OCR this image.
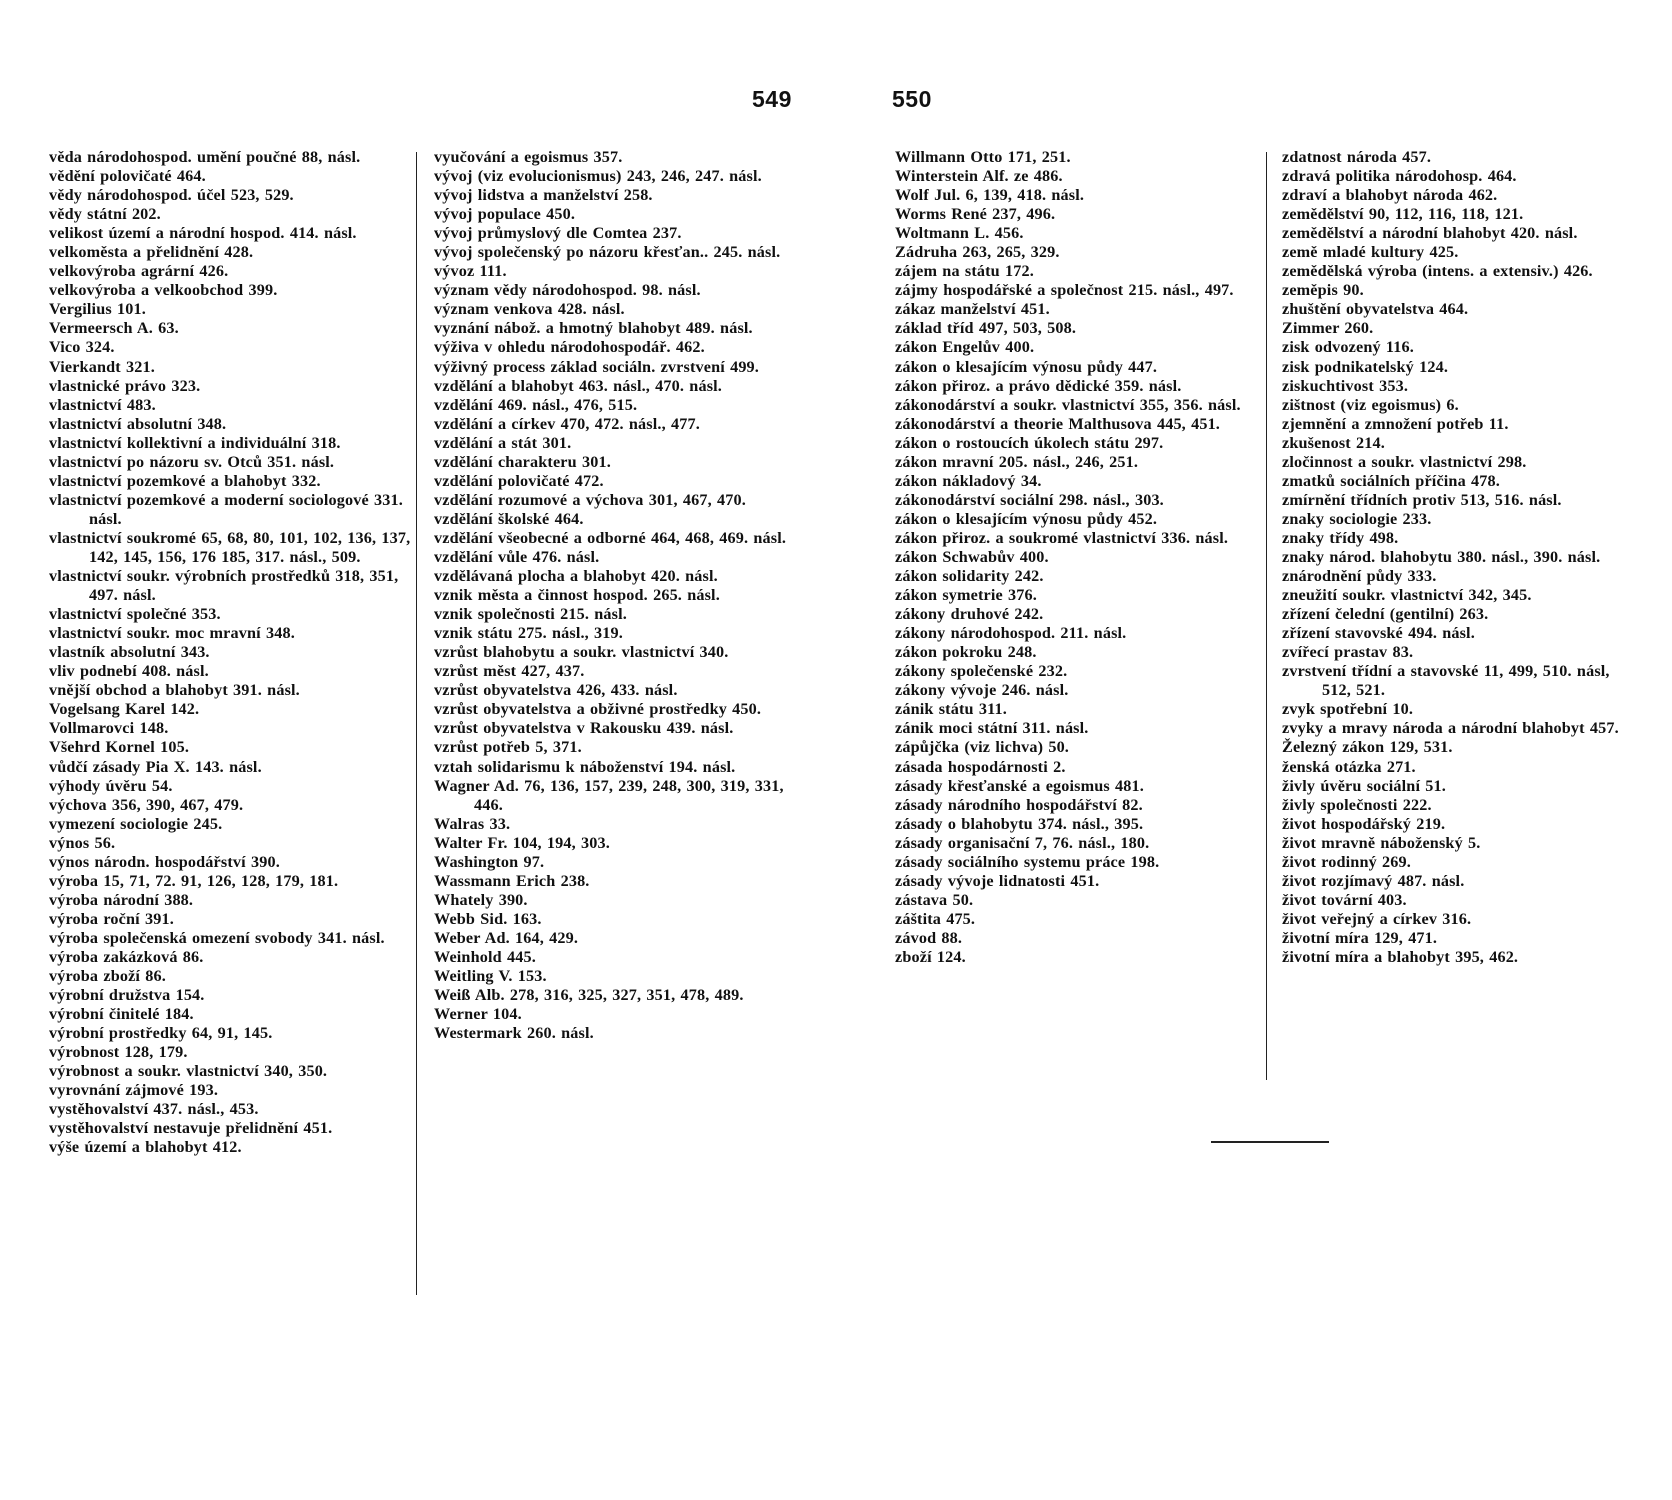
549	550
věda národohospod. umění poučné 88, násl.
vědění polovičaté 464.
vědy národohospod. účel 523, 529.
vědy státní 202.
velikost území a národní hospod. 414. násl.
velkoměsta a přelidnění 428.
velkovýroba agrární 426.
velkovýroba a velkoobchod 399.
Vergilius 101.
Vermeersch A. 63.
Vico 324.
Vierkandt 321.
vlastnické právo 323.
vlastnictví 483.
vlastnictví absolutní 348.
vlastnictví kollektivní a individuální 318.
vlastnictví po názoru sv. Otců 351. násl.
vlastnictví pozemkové a blahobyt 332.
vlastnictví pozemkové a moderní sociologové 331. násl.
vlastnictví soukromé 65, 68, 80, 101, 102, 136, 137, 142, 145, 156, 176 185, 317. násl., 509.
vlastnictví soukr. výrobních prostředků 318, 351, 497. násl.
vlastnictví společné 353.
vlastnictví soukr. moc mravní 348.
vlastník absolutní 343.
vliv podnebí 408. násl.
vnější obchod a blahobyt 391. násl.
Vogelsang Karel 142.
Vollmarovci 148.
Všehrd Kornel 105.
vůdčí zásady Pia X. 143. násl.
výhody úvěru 54.
výchova 356, 390, 467, 479.
vymezení sociologie 245.
výnos 56.
výnos národn. hospodářství 390.
výroba 15, 71, 72. 91, 126, 128, 179, 181.
výroba národní 388.
výroba roční 391.
výroba společenská omezení svobody 341. násl.
výroba zakázková 86.
výroba zboží 86.
výrobní družstva 154.
výrobní činitelé 184.
výrobní prostředky 64, 91, 145.
výrobnost 128, 179.
výrobnost a soukr. vlastnictví 340, 350.
vyrovnání zájmové 193.
vystěhovalství 437. násl., 453.
vystěhovalství nestavuje přelidnění 451.
výše území a blahobyt 412.
vyučování a egoismus 357.
vývoj (viz evolucionismus) 243, 246, 247. násl.
vývoj lidstva a manželství 258.
vývoj populace 450.
vývoj průmyslový dle Comtea 237.
vývoj společenský po názoru křesťan.. 245. násl.
vývoz 111.
význam vědy národohospod. 98. násl.
význam venkova 428. násl.
vyznání nábož. a hmotný blahobyt 489. násl.
výživa v ohledu národohospodář. 462.
výživný process základ sociáln. zvrstvení 499.
vzdělání a blahobyt 463. násl., 470. násl.
vzdělání 469. násl., 476, 515.
vzdělání a církev 470, 472. násl., 477.
vzdělání a stát 301.
vzdělání charakteru 301.
vzdělání polovičaté 472.
vzdělání rozumové a výchova 301, 467, 470.
vzdělání školské 464.
vzdělání všeobecné a odborné 464, 468, 469. násl.
vzdělání vůle 476. násl.
vzdělávaná plocha a blahobyt 420. násl.
vznik města a činnost hospod. 265. násl.
vznik společnosti 215. násl.
vznik státu 275. násl., 319.
vzrůst blahobytu a soukr. vlastnictví 340.
vzrůst měst 427, 437.
vzrůst obyvatelstva 426, 433. násl.
vzrůst obyvatelstva a obživné prostředky 450.
vzrůst obyvatelstva v Rakousku 439. násl.
vzrůst potřeb 5, 371.
vztah solidarismu k náboženství 194. násl.
Wagner Ad. 76, 136, 157, 239, 248, 300, 319, 331, 446.
Walras 33.
Walter Fr. 104, 194, 303.
Washington 97.
Wassmann Erich 238.
Whately 390.
Webb Sid. 163.
Weber Ad. 164, 429.
Weinhold 445.
Weitling V. 153.
Weiß Alb. 278, 316, 325, 327, 351, 478, 489.
Werner 104.
Westermark 260. násl.
Willmann Otto 171, 251.
Winterstein Alf. ze 486.
Wolf Jul. 6, 139, 418. násl.
Worms René 237, 496.
Woltmann L. 456.
Zádruha 263, 265, 329.
zájem na státu 172.
zájmy hospodářské a společnost 215. násl., 497.
zákaz manželství 451.
základ tříd 497, 503, 508.
zákon Engelův 400.
zákon o klesajícím výnosu půdy 447.
zákon přiroz. a právo dědické 359. násl.
zákonodárství a soukr. vlastnictví 355, 356. násl.
zákonodárství a theorie Malthusova 445, 451.
zákon o rostoucích úkolech státu 297.
zákon mravní 205. násl., 246, 251.
zákon nákladový 34.
zákonodárství sociální 298. násl., 303.
zákon o klesajícím výnosu půdy 452.
zákon přiroz. a soukromé vlastnictví 336. násl.
zákon Schwabův 400.
zákon solidarity 242.
zákon symetrie 376.
zákony druhové 242.
zákony národohospod. 211. násl.
zákon pokroku 248.
zákony společenské 232.
zákony vývoje 246. násl.
zánik státu 311.
zánik moci státní 311. násl.
zápůjčka (viz lichva) 50.
zásada hospodárnosti 2.
zásady křesťanské a egoismus 481.
zásady národního hospodářství 82.
zásady o blahobytu 374. násl., 395.
zásady organisační 7, 76. násl., 180.
zásady sociálního systemu práce 198.
zásady vývoje lidnatosti 451.
zástava 50.
záštita 475.
závod 88.
zboží 124.
zdatnost národa 457.
zdravá politika národohosp. 464.
zdraví a blahobyt národa 462.
zemědělství 90, 112, 116, 118, 121.
zemědělství a národní blahobyt 420. násl.
země mladé kultury 425.
zemědělská výroba (intens. a extensiv.) 426.
zeměpis 90.
zhuštění obyvatelstva 464.
Zimmer 260.
zisk odvozený 116.
zisk podnikatelský 124.
ziskuchtivost 353.
zištnost (viz egoismus) 6.
zjemnění a zmnožení potřeb 11.
zkušenost 214.
zločinnost a soukr. vlastnictví 298.
zmatků sociálních příčina 478.
zmírnění třídních protiv 513, 516. násl.
znaky sociologie 233.
znaky třídy 498.
znaky národ. blahobytu 380. násl., 390. násl.
znárodnění půdy 333.
zneužití soukr. vlastnictví 342, 345.
zřízení čelední (gentilní) 263.
zřízení stavovské 494. násl.
zvířecí prastav 83.
zvrstvení třídní a stavovské 11, 499, 510. násl, 512, 521.
zvyk spotřební 10.
zvyky a mravy národa a národní blahobyt 457.
Železný zákon 129, 531.
ženská otázka 271.
živly úvěru sociální 51.
živly společnosti 222.
život hospodářský 219.
život mravně náboženský 5.
život rodinný 269.
život rozjímavý 487. násl.
život tovární 403.
život veřejný a církev 316.
životní míra 129, 471.
životní míra a blahobyt 395, 462.
